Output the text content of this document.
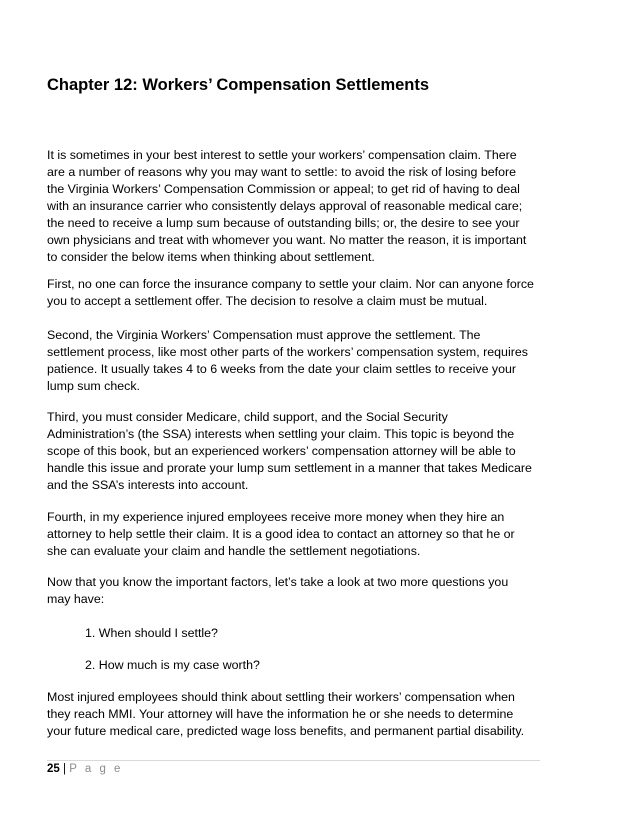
Chapter 12: Workers’ Compensation Settlements
It is sometimes in your best interest to settle your workers’ compensation claim. There
are a number of reasons why you may want to settle: to avoid the risk of losing before
the Virginia Workers’ Compensation Commission or appeal; to get rid of having to deal
with an insurance carrier who consistently delays approval of reasonable medical care;
the need to receive a lump sum because of outstanding bills; or, the desire to see your
own physicians and treat with whomever you want. No matter the reason, it is important
to consider the below items when thinking about settlement.
First, no one can force the insurance company to settle your claim. Nor can anyone force
you to accept a settlement offer. The decision to resolve a claim must be mutual.
Second, the Virginia Workers’ Compensation must approve the settlement. The
settlement process, like most other parts of the workers’ compensation system, requires
patience. It usually takes 4 to 6 weeks from the date your claim settles to receive your
lump sum check.
Third, you must consider Medicare, child support, and the Social Security
Administration’s (the SSA) interests when settling your claim. This topic is beyond the
scope of this book, but an experienced workers’ compensation attorney will be able to
handle this issue and prorate your lump sum settlement in a manner that takes Medicare
and the SSA’s interests into account.
Fourth, in my experience injured employees receive more money when they hire an
attorney to help settle their claim. It is a good idea to contact an attorney so that he or
she can evaluate your claim and handle the settlement negotiations.
Now that you know the important factors, let’s take a look at two more questions you
may have:
1. When should I settle?
2. How much is my case worth?
Most injured employees should think about settling their workers’ compensation when
they reach MMI. Your attorney will have the information he or she needs to determine
your future medical care, predicted wage loss benefits, and permanent partial disability.
25 | P a g e
